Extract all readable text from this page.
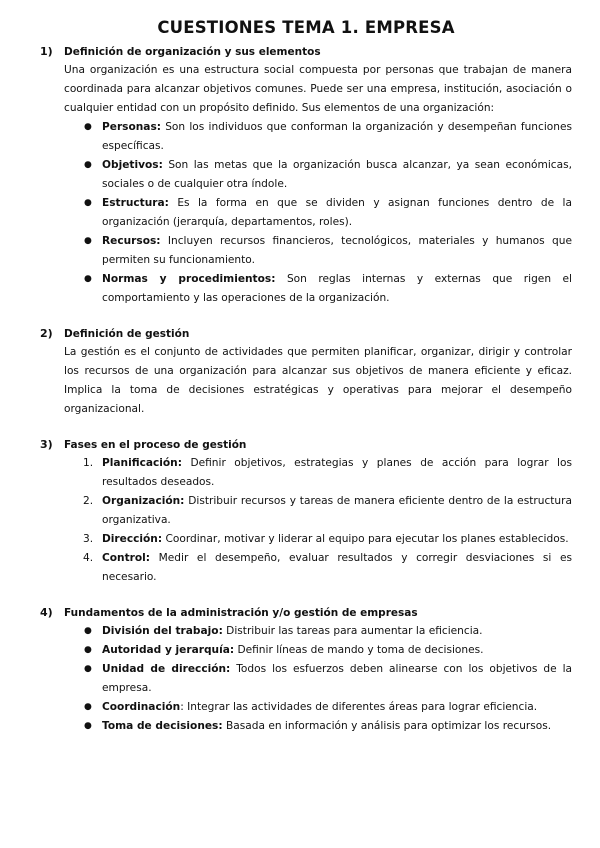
CUESTIONES TEMA 1. EMPRESA
1)	Definición de organización y sus elementos

Una organización es una estructura social compuesta por personas que trabajan de manera coordinada para alcanzar objetivos comunes. Puede ser una empresa, institución, asociación o cualquier entidad con un propósito definido. Sus elementos de una organización:

● Personas: Son los individuos que conforman la organización y desempeñan funciones específicas.
● Objetivos: Son las metas que la organización busca alcanzar, ya sean económicas, sociales o de cualquier otra índole.
● Estructura: Es la forma en que se dividen y asignan funciones dentro de la organización (jerarquía, departamentos, roles).
● Recursos: Incluyen recursos financieros, tecnológicos, materiales y humanos que permiten su funcionamiento.
● Normas y procedimientos: Son reglas internas y externas que rigen el comportamiento y las operaciones de la organización.
2)	Definición de gestión

La gestión es el conjunto de actividades que permiten planificar, organizar, dirigir y controlar los recursos de una organización para alcanzar sus objetivos de manera eficiente y eficaz. Implica la toma de decisiones estratégicas y operativas para mejorar el desempeño organizacional.

3)	Fases en el proceso de gestión
1. Planificación: Definir objetivos, estrategias y planes de acción para lograr los resultados deseados.
2. Organización: Distribuir recursos y tareas de manera eficiente dentro de la estructura organizativa.
3. Dirección: Coordinar, motivar y liderar al equipo para ejecutar los planes establecidos.
4. Control: Medir el desempeño, evaluar resultados y corregir desviaciones si es necesario.
4)	Fundamentos de la administración y/o gestión de empresas
● División del trabajo: Distribuir las tareas para aumentar la eficiencia.
● Autoridad y jerarquía: Definir líneas de mando y toma de decisiones.
● Unidad de dirección: Todos los esfuerzos deben alinearse con los objetivos de la empresa.
● Coordinación: Integrar las actividades de diferentes áreas para lograr eficiencia.
● Toma de decisiones: Basada en información y análisis para optimizar los recursos.
